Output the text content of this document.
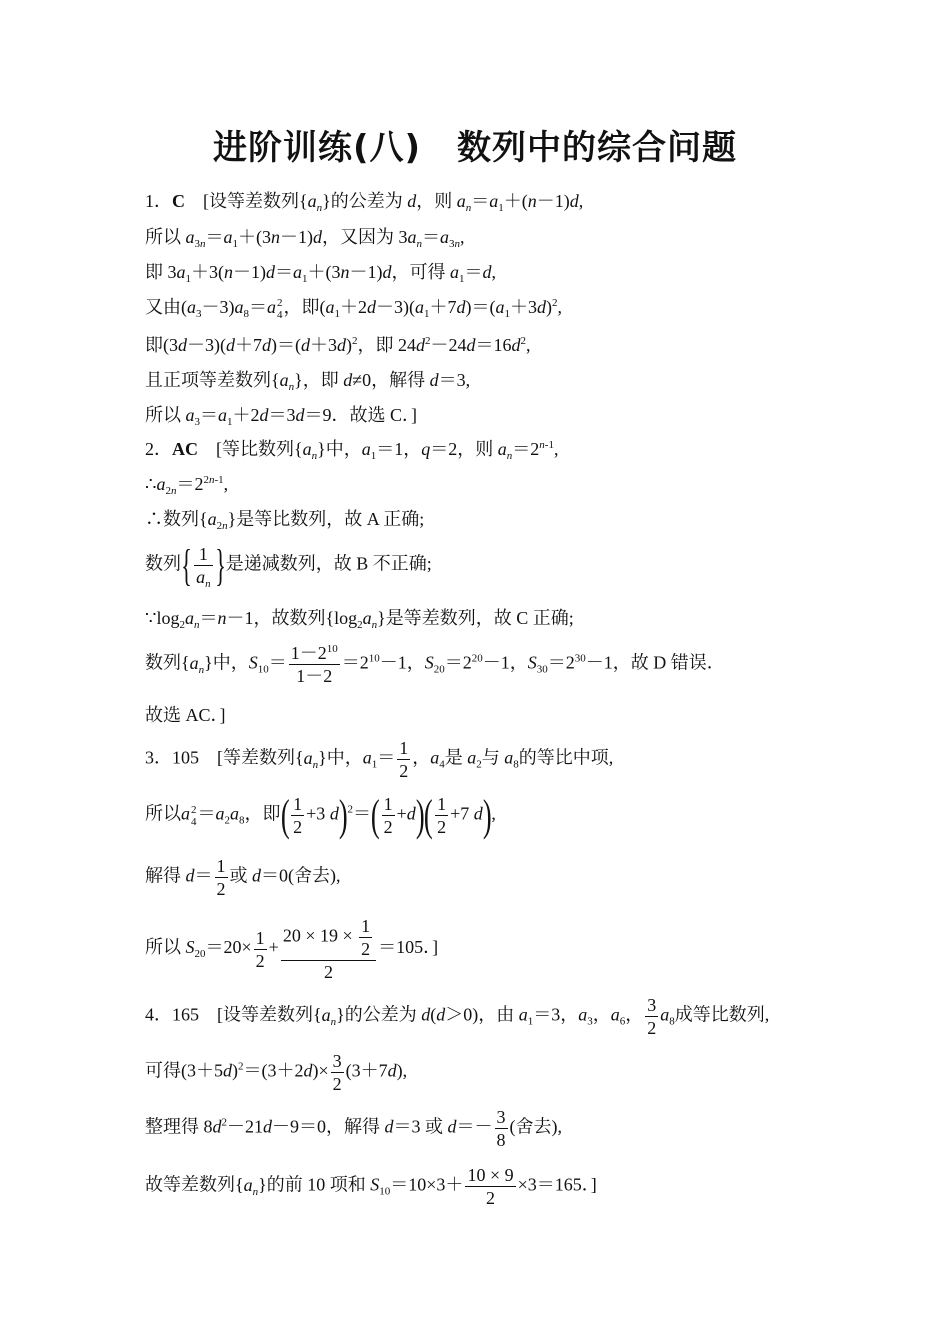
进阶训练(八) 数列中的综合问题
1．C　[设等差数列$\{a_n\}$的公差为 d，则 $a_n=a_1+(n-1)d$,
所以 $a_{3n}=a_1+(3n-1)d$，又因为 $3a_n=a_{3n}$,
即 $3a_1+3(n-1)d=a_1+(3n-1)d$，可得 $a_1=d$,
又由$(a_3-3)a_8=a$ 2
4 ，即$(a_1+2d-3)(a_1+7d)=(a_1+3d)^2$,
即$(3d-3)(d+7d)=(d+3d)^2$，即 $24d^2-24d=16d^2$,
且正项等差数列$\{a_n\}$，即 d≠0，解得 d＝3,
所以 $a_3=a_1+2d=3d=9$．故选 C．]
2．AC　[等比数列$\{a_n\}$中，$a_1=1$，q＝2，则 $a_n=2^{n-1}$,
$\therefore a_{2n}=2^{2n-1}$,
∴数列$\{a_{2n}\}$是等比数列，故 A 正确;
数列{ $\frac{1}{a_n}$ }是递减数列，故 B 不正确;
$\because\log_2a_n=n-1$，故数列$\{\log_2a_n\}$是等差数列，故 C 正确;
数列$\{a_n\}$中，$S_{10}= \frac{1-2^{10}}{1-2} =2^{10}-1$，$S_{20}=2^{20}-1$，$S_{30}=2^{30}-1$，故 D 错误．
故选 AC．]
3．105　[等差数列$\{a_n\}$中，$a_1= \frac{1}{2}$ ，$a_4$是 $a_2$与 $a_8$的等比中项,
所以a 2
$4 =a_2a_8$，即( $\frac{1}{2} +3$ $d)^2=( \frac{1}{2} +d)( \frac{1}{2} +7$ d),
解得 $d= \frac{1}{2}$ 或 d＝0(舍去),
所以 $S_{20}=20\times \frac{1}{2} + \frac{20 \times 19 \times \frac{1}{2}}{2} =105$．]
4．165　[设等差数列$\{a_n\}$的公差为 d(d＞0)，由 $a_1=3$，$a_3$，$a_6$， $\frac{3}{2} a_8$成等比数列,
可得$(3+5d)^2=(3+2d)\times \frac{3}{2} (3+7d)$,
整理得 $8d^2-21d-9=0$，解得 d＝3 或 $d=- \frac{3}{8}$ (舍去),
故等差数列$\{a_n\}$的前 10 项和 $S_{10}=10\times 3+ \frac{10 \times 9}{2} \times 3=165$．]
